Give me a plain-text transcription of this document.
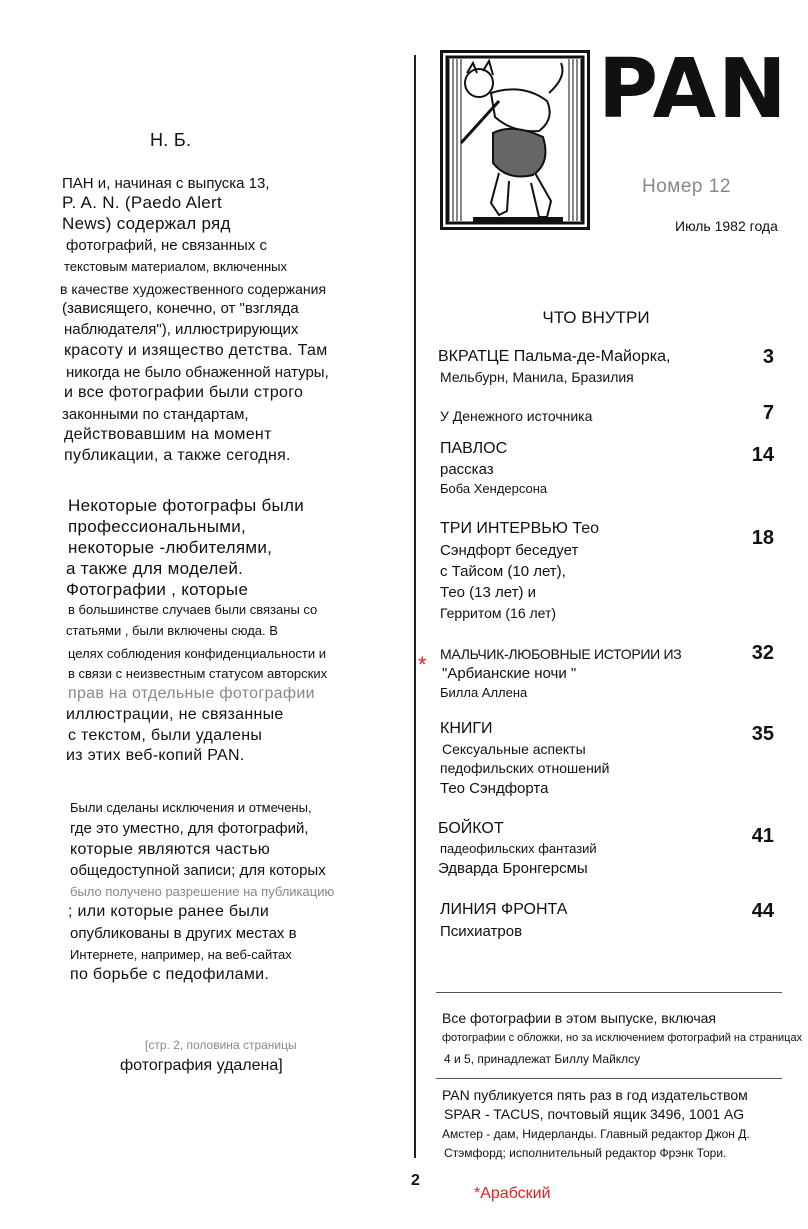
Н. Б.
ПАН и, начиная с выпуска 13,
P. A. N. (Paedo Alert
News) содержал ряд
фотографий, не связанных с
текстовым материалом, включенных
в качестве художественного содержания
(зависящего, конечно, от "взгляда
наблюдателя"), иллюстрирующих
красоту и изящество детства. Там
никогда не было обнаженной натуры,
и все фотографии были строго
законными по стандартам,
действовавшим на момент
публикации, а также сегодня.
Некоторые фотографы были
профессиональными,
некоторые -любителями,
а также для моделей.
Фотографии , которые
в большинстве случаев были связаны со
статьями , были включены сюда. В
целях соблюдения конфиденциальности и
в связи с неизвестным статусом авторских
прав на отдельные фотографии
иллюстрации, не связанные
с текстом, были удалены
из этих веб-копий PAN.
Были сделаны исключения и отмечены,
где это уместно, для фотографий,
которые являются частью
общедоступной записи; для которых
было получено разрешение на публикацию
; или которые ранее были
опубликованы в других местах в
Интернете, например, на веб-сайтах
по борьбе с педофилами.
[стр. 2, половина страницы
фотография удалена]
PAN
Номер 12
Июль 1982 года
ЧТО ВНУТРИ
ВКРАТЦЕ Пальма-де-Майорка,
Мельбурн, Манила, Бразилия
3
У Денежного источника	7
ПАВЛОС
рассказ
Боба Хендерсона
14
ТРИ ИНТЕРВЬЮ Тео
Сэндфорт беседует
с Тайсом (10 лет),
Тео (13 лет) и
Герритом (16 лет)
18
* МАЛЬЧИК-ЛЮБОВНЫЕ ИСТОРИИ ИЗ
"Арбианские ночи "
Билла Аллена
32
КНИГИ
Сексуальные аспекты
педофильских отношений
Тео Сэндфорта
35
БОЙКОТ
падеофильских фантазий
Эдварда Бронгерсмы
41
ЛИНИЯ ФРОНТА
Психиатров
44
Все фотографии в этом выпуске, включая
фотографии с обложки, но за исключением фотографий на страницах
4 и 5, принадлежат Биллу Майклсу
PAN публикуется пять раз в год издательством
SPAR - TACUS, почтовый ящик 3496, 1001 AG
Амстер - дам, Нидерланды. Главный редактор Джон Д.
Стэмфорд; исполнительный редактор Фрэнк Тори.
2
*Арабский
